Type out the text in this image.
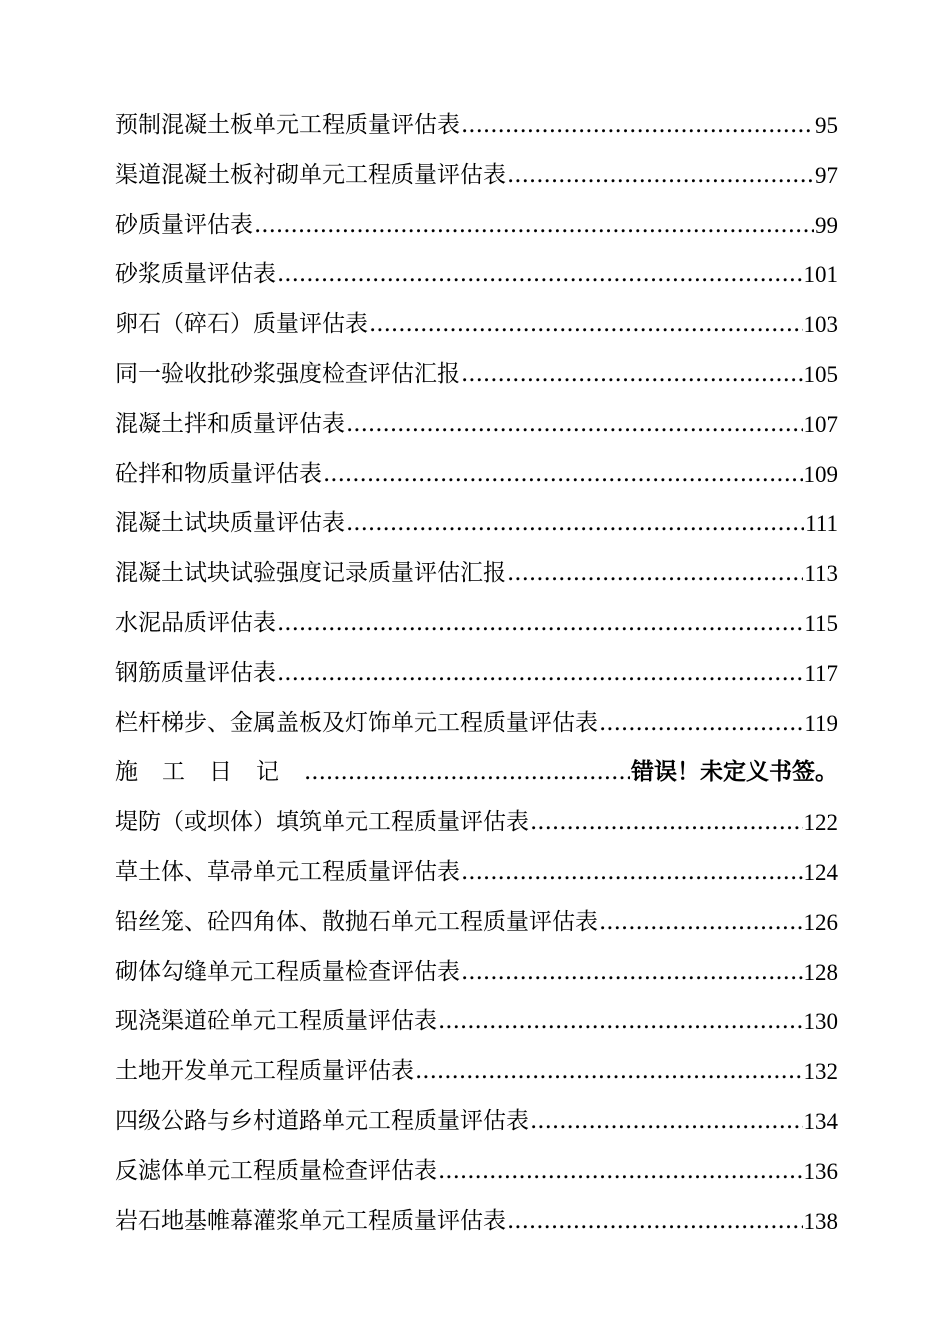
预制混凝土板单元工程质量评估表 .....	95
渠道混凝土板衬砌单元工程质量评估表 .....	97
砂质量评估表 .....	99
砂浆质量评估表 .....	101
卵石（碎石）质量评估表 .....	103
同一验收批砂浆强度检查评估汇报 .....	105
混凝土拌和质量评估表 .....	107
砼拌和物质量评估表 .....	109
混凝土试块质量评估表 .....	111
混凝土试块试验强度记录质量评估汇报 .....	113
水泥品质评估表 .....	115
钢筋质量评估表 .....	117
栏杆梯步、金属盖板及灯饰单元工程质量评估表 .....	119
施工日记 .....	错误！未定义书签。
堤防（或坝体）填筑单元工程质量评估表 .....	122
草土体、草帚单元工程质量评估表 .....	124
铅丝笼、砼四角体、散抛石单元工程质量评估表 .....	126
砌体勾缝单元工程质量检查评估表 .....	128
现浇渠道砼单元工程质量评估表 .....	130
土地开发单元工程质量评估表 .....	132
四级公路与乡村道路单元工程质量评估表 .....	134
反滤体单元工程质量检查评估表 .....	136
岩石地基帷幕灌浆单元工程质量评估表 .....	138
